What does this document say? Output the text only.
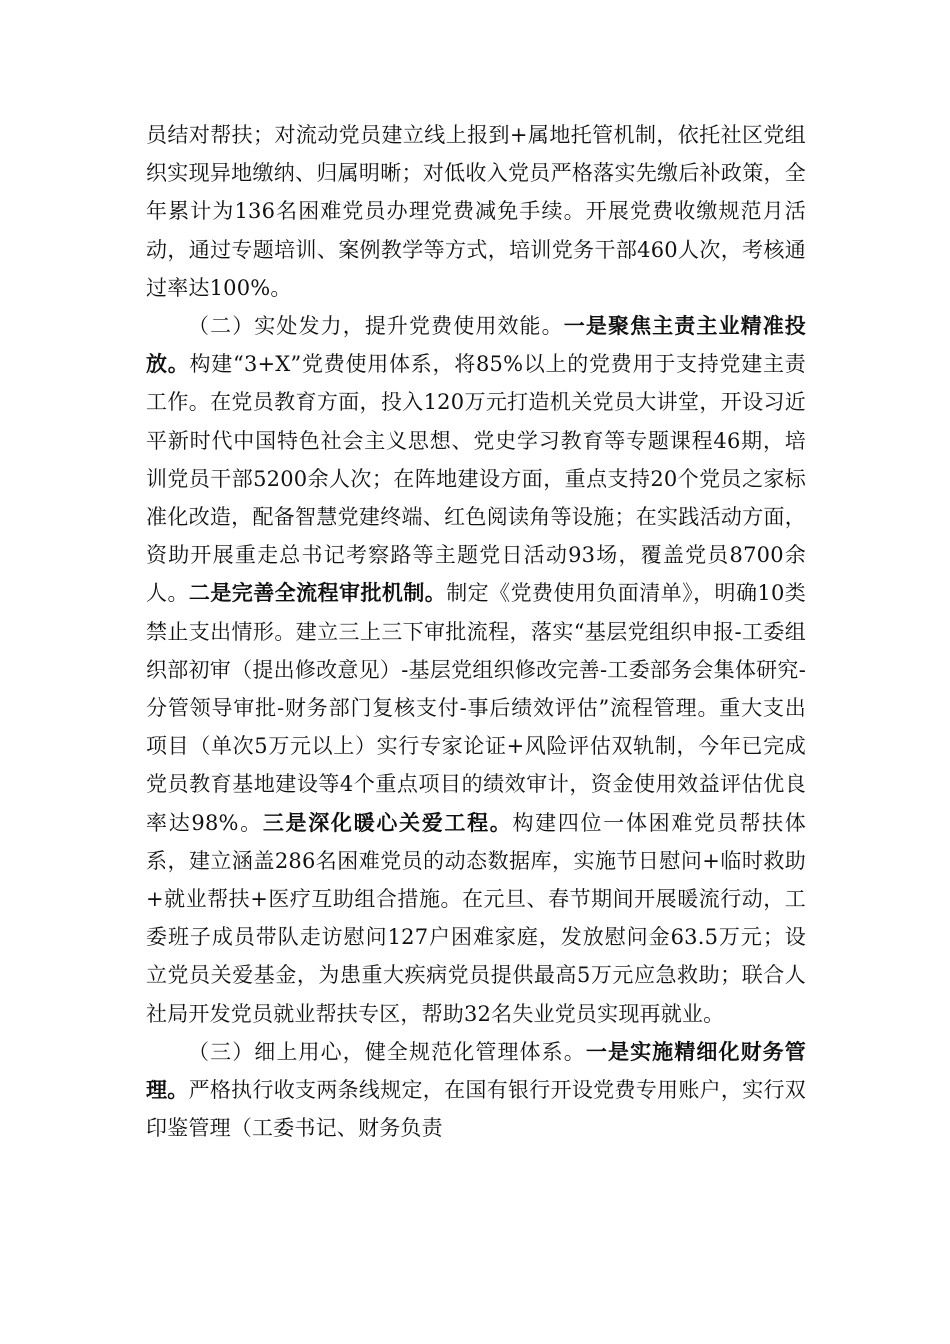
员结对帮扶；对流动党员建立线上报到+属地托管机制，依托社区党组织实现异地缴纳、归属明晰；对低收入党员严格落实先缴后补政策，全年累计为136名困难党员办理党费减免手续。开展党费收缴规范月活动，通过专题培训、案例教学等方式，培训党务干部460人次，考核通过率达100%。

（二）实处发力，提升党费使用效能。一是聚焦主责主业精准投放。构建“3+X”党费使用体系，将85%以上的党费用于支持党建主责工作。在党员教育方面，投入120万元打造机关党员大讲堂，开设习近平新时代中国特色社会主义思想、党史学习教育等专题课程46期，培训党员干部5200余人次；在阵地建设方面，重点支持20个党员之家标准化改造，配备智慧党建终端、红色阅读角等设施；在实践活动方面，资助开展重走总书记考察路等主题党日活动93场，覆盖党员8700余人。二是完善全流程审批机制。制定《党费使用负面清单》，明确10类禁止支出情形。建立三上三下审批流程，落实“基层党组织申报-工委组织部初审（提出修改意见）-基层党组织修改完善-工委部务会集体研究-分管领导审批-财务部门复核支付-事后绩效评估”流程管理。重大支出项目（单次5万元以上）实行专家论证+风险评估双轨制，今年已完成党员教育基地建设等4个重点项目的绩效审计，资金使用效益评估优良率达98%。三是深化暖心关爱工程。构建四位一体困难党员帮扶体系，建立涵盖286名困难党员的动态数据库，实施节日慰问+临时救助+就业帮扶+医疗互助组合措施。在元旦、春节期间开展暖流行动，工委班子成员带队走访慰问127户困难家庭，发放慰问金63.5万元；设立党员关爱基金，为患重大疾病党员提供最高5万元应急救助；联合人社局开发党员就业帮扶专区，帮助32名失业党员实现再就业。

（三）细上用心，健全规范化管理体系。一是实施精细化财务管理。严格执行收支两条线规定，在国有银行开设党费专用账户，实行双印鉴管理（工委书记、财务负责
